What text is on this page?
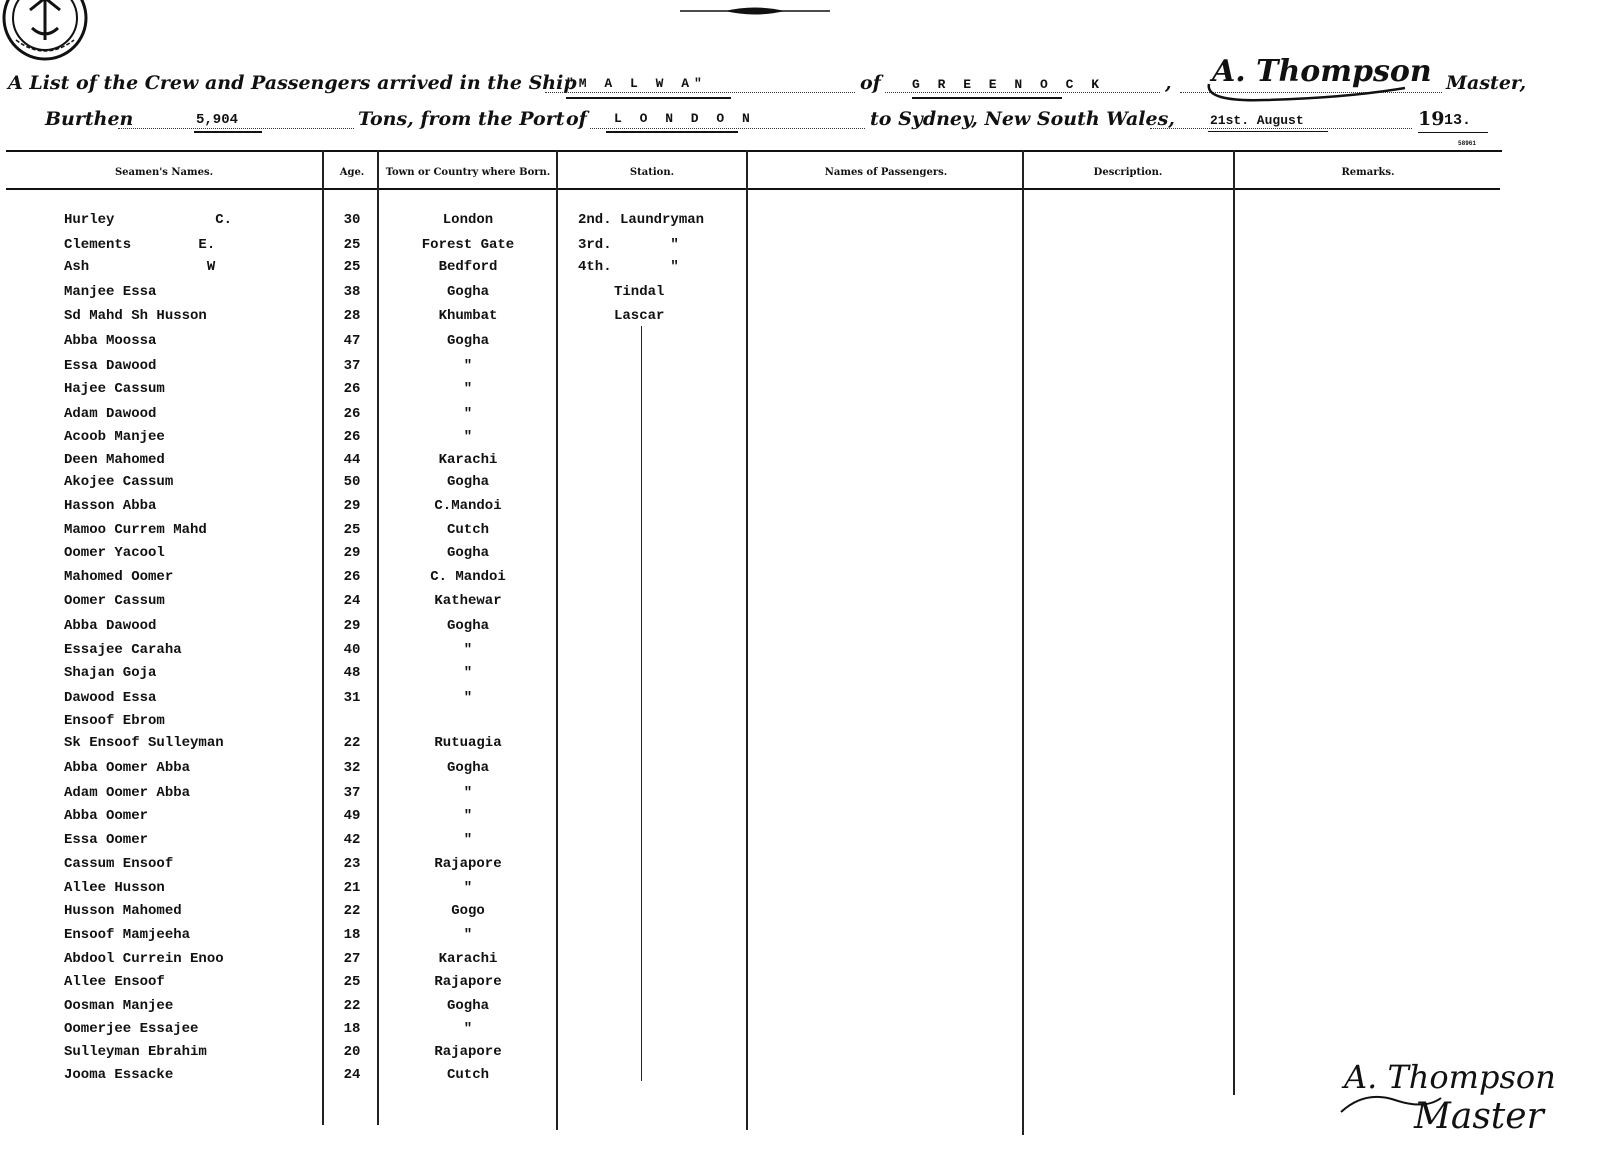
A List of the Crew and Passengers arrived in the Ship
"M A L W A"	of G R E E N O C K	, A. Thompson Master,
Burthen	5,904	Tons, from the Port of L O N D O N	to Sydney, New South Wales,	21st. August	19 13.
58961
Seamen's Names.	Age.	Town or Country where Born.	Station.	Names of Passengers.	Description.	Remarks.
Hurley            C.	30	London	2nd. Laundryman
Clements        E.	25	Forest Gate	3rd.       "
Ash              W	25	Bedford	4th.       "
Manjee Essa	38	Gogha	Tindal
Sd Mahd Sh Husson	28	Khumbat	Lascar
Abba Moossa	47	Gogha
Essa Dawood	37	"
Hajee Cassum	26	"
Adam Dawood	26	"
Acoob Manjee	26	"
Deen Mahomed	44	Karachi
Akojee Cassum	50	Gogha
Hasson Abba	29	C.Mandoi
Mamoo Currem Mahd	25	Cutch
Oomer Yacool	29	Gogha
Mahomed Oomer	26	C. Mandoi
Oomer Cassum	24	Kathewar
Abba Dawood	29	Gogha
Essajee Caraha	40	"
Shajan Goja	48	"
Dawood Essa	31	"
Ensoof Ebrom
Sk Ensoof Sulleyman	22	Rutuagia
Abba Oomer Abba	32	Gogha
Adam Oomer Abba	37	"
Abba Oomer	49	"
Essa Oomer	42	"
Cassum Ensoof	23	Rajapore
Allee Husson	21	"
Husson Mahomed	22	Gogo
Ensoof Mamjeeha	18	"
Abdool Currein Enoo	27	Karachi
Allee Ensoof	25	Rajapore
Oosman Manjee	22	Gogha
Oomerjee Essajee	18	"
Sulleyman Ebrahim	20	Rajapore
Jooma Essacke	24	Cutch	A. Thompson
Master
